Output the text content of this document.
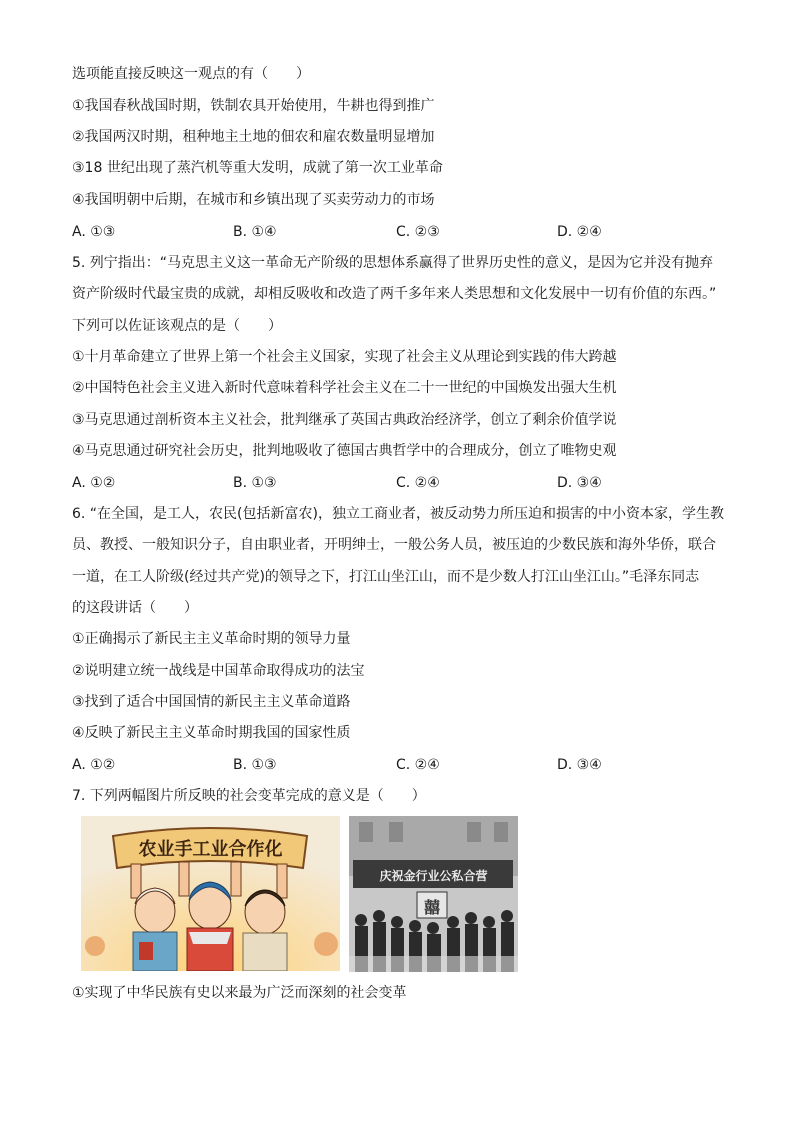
选项能直接反映这一观点的有（　　）
①我国春秋战国时期，铁制农具开始使用，牛耕也得到推广
②我国两汉时期，租种地主土地的佃农和雇农数量明显增加
③18 世纪出现了蒸汽机等重大发明，成就了第一次工业革命
④我国明朝中后期，在城市和乡镇出现了买卖劳动力的市场
A. ①③	B. ①④	C. ②③	D. ②④
5. 列宁指出：“马克思主义这一革命无产阶级的思想体系赢得了世界历史性的意义，是因为它并没有抛弃
资产阶级时代最宝贵的成就，却相反吸收和改造了两千多年来人类思想和文化发展中一切有价值的东西。”
下列可以佐证该观点的是（　　）
①十月革命建立了世界上第一个社会主义国家，实现了社会主义从理论到实践的伟大跨越
②中国特色社会主义进入新时代意味着科学社会主义在二十一世纪的中国焕发出强大生机
③马克思通过剖析资本主义社会，批判继承了英国古典政治经济学，创立了剩余价值学说
④马克思通过研究社会历史，批判地吸收了德国古典哲学中的合理成分，创立了唯物史观
A. ①②	B. ①③	C. ②④	D. ③④
6. “在全国，是工人，农民(包括新富农)，独立工商业者，被反动势力所压迫和损害的中小资本家，学生教
员、教授、一般知识分子，自由职业者，开明绅士，一般公务人员，被压迫的少数民族和海外华侨，联合
一道，在工人阶级(经过共产党)的领导之下，打江山坐江山，而不是少数人打江山坐江山。”毛泽东同志
的这段讲话（　　）
①正确揭示了新民主主义革命时期的领导力量
②说明建立统一战线是中国革命取得成功的法宝
③找到了适合中国国情的新民主主义革命道路
④反映了新民主主义革命时期我国的国家性质
A. ①②	B. ①③	C. ②④	D. ③④
7. 下列两幅图片所反映的社会变革完成的意义是（　　）
农业手工业合作化
庆祝金行业公私合营
囍
①实现了中华民族有史以来最为广泛而深刻的社会变革
